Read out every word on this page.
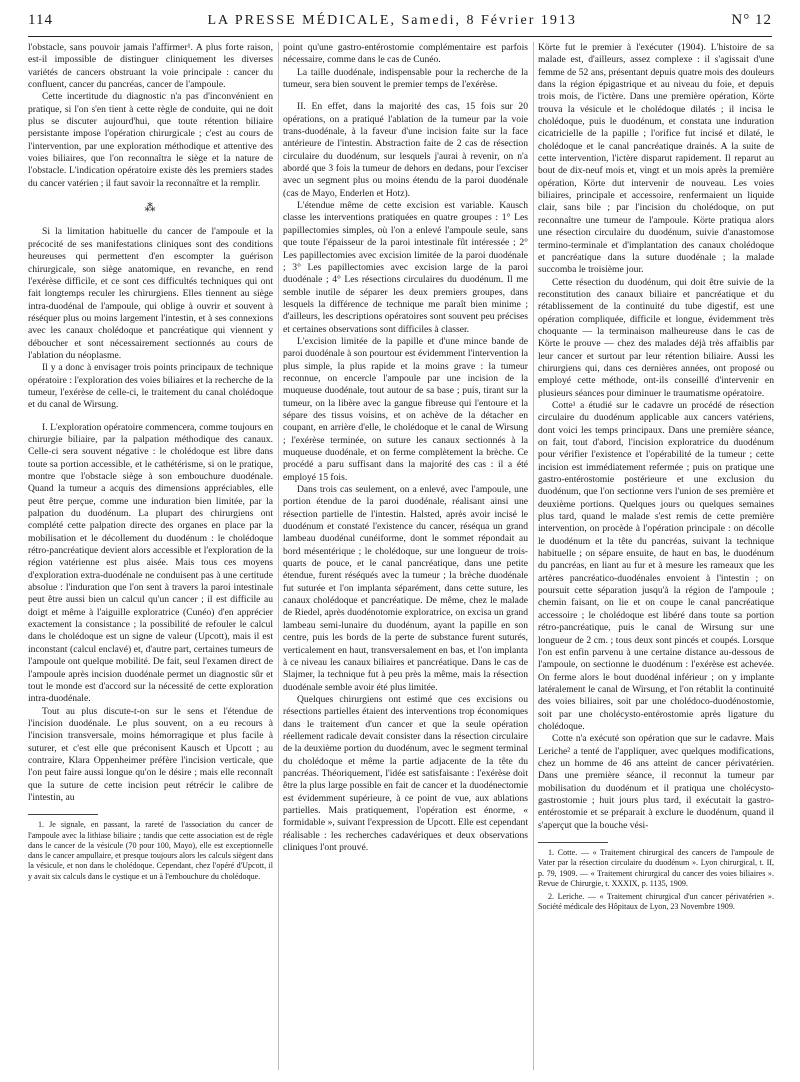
114	LA PRESSE MÉDICALE, Samedi, 8 Février 1913	N° 12

l'obstacle, sans pouvoir jamais l'affirmer¹. A plus forte raison, est-il impossible de distinguer cliniquement les diverses variétés de cancers obstruant la voie principale : cancer du confluent, cancer du pancréas, cancer de l'ampoule.

Cette incertitude du diagnostic n'a pas d'inconvénient en pratique, si l'on s'en tient à cette règle de conduite, qui ne doit plus se discuter aujourd'hui, que toute rétention biliaire persistante impose l'opération chirurgicale ; c'est au cours de l'intervention, par une exploration méthodique et attentive des voies biliaires, que l'on reconnaîtra le siège et la nature de l'obstacle. L'indication opératoire existe dès les premiers stades du cancer vatérien ; il faut savoir la reconnaître et la remplir.

⁂

Si la limitation habituelle du cancer de l'ampoule et la précocité de ses manifestations cliniques sont des conditions heureuses qui permettent d'en escompter la guérison chirurgicale, son siège anatomique, en revanche, en rend l'exérèse difficile, et ce sont ces difficultés techniques qui ont fait longtemps reculer les chirurgiens. Elles tiennent au siège intra-duodénal de l'ampoule, qui oblige à ouvrir et souvent à réséquer plus ou moins largement l'intestin, et à ses connexions avec les canaux cholédoque et pancréatique qui viennent y déboucher et sont nécessairement sectionnés au cours de l'ablation du néoplasme.

Il y a donc à envisager trois points principaux de technique opératoire : l'exploration des voies biliaires et la recherche de la tumeur, l'exérèse de celle-ci, le traitement du canal cholédoque et du canal de Wirsung.

I. L'exploration opératoire commencera, comme toujours en chirurgie biliaire, par la palpation méthodique des canaux. Celle-ci sera souvent négative : le cholédoque est libre dans toute sa portion accessible, et le cathétérisme, si on le pratique, montre que l'obstacle siège à son embouchure duodénale. Quand la tumeur a acquis des dimensions appréciables, elle peut être perçue, comme une induration bien limitée, par la palpation du duodénum. La plupart des chirurgiens ont complété cette palpation directe des organes en place par la mobilisation et le décollement du duodénum : le cholédoque rétro-pancréatique devient alors accessible et l'exploration de la région vatérienne est plus aisée. Mais tous ces moyens d'exploration extra-duodénale ne conduisent pas à une certitude absolue : l'induration que l'on sent à travers la paroi intestinale peut être aussi bien un calcul qu'un cancer ; il est difficile au doigt et même à l'aiguille exploratrice (Cunéo) d'en apprécier exactement la consistance ; la possibilité de refouler le calcul dans le cholédoque est un signe de valeur (Upcott), mais il est inconstant (calcul enclavé) et, d'autre part, certaines tumeurs de l'ampoule ont quelque mobilité. De fait, seul l'examen direct de l'ampoule après incision duodénale permet un diagnostic sûr et tout le monde est d'accord sur la nécessité de cette exploration intra-duodénale.

Tout au plus discute-t-on sur le sens et l'étendue de l'incision duodénale. Le plus souvent, on a eu recours à l'incision transversale, moins hémorragique et plus facile à suturer, et c'est elle que préconisent Kausch et Upcott ; au contraire, Klara Oppenheimer préfère l'incision verticale, que l'on peut faire aussi longue qu'on le désire ; mais elle reconnaît que la suture de cette incision peut rétrécir le calibre de l'intestin, au

1. Je signale, en passant, la rareté de l'association du cancer de l'ampoule avec la lithiase biliaire ; tandis que cette association est de règle dans le cancer de la vésicule (70 pour 100, Mayo), elle est exceptionnelle dans le cancer ampullaire, et presque toujours alors les calculs siègent dans la vésicule, et non dans le cholédoque. Cependant, chez l'opéré d'Upcott, il y avait six calculs dans le cystique et un à l'embouchure du cholédoque.

point qu'une gastro-entérostomie complémentaire est parfois nécessaire, comme dans le cas de Cunéo.

La taille duodénale, indispensable pour la recherche de la tumeur, sera bien souvent le premier temps de l'exérèse.

II. En effet, dans la majorité des cas, 15 fois sur 20 opérations, on a pratiqué l'ablation de la tumeur par la voie trans-duodénale, à la faveur d'une incision faite sur la face antérieure de l'intestin. Abstraction faite de 2 cas de résection circulaire du duodénum, sur lesquels j'aurai à revenir, on n'a abordé que 3 fois la tumeur de dehors en dedans, pour l'exciser avec un segment plus ou moins étendu de la paroi duodénale (cas de Mayo, Enderlen et Hotz).

L'étendue même de cette excision est variable. Kausch classe les interventions pratiquées en quatre groupes : 1° Les papillectomies simples, où l'on a enlevé l'ampoule seule, sans que toute l'épaisseur de la paroi intestinale fût intéressée ; 2° Les papillectomies avec excision limitée de la paroi duodénale ; 3° Les papillectomies avec excision large de la paroi duodénale ; 4° Les résections circulaires du duodénum. Il me semble inutile de séparer les deux premiers groupes, dans lesquels la différence de technique me paraît bien minime ; d'ailleurs, les descriptions opératoires sont souvent peu précises et certaines observations sont difficiles à classer.

L'excision limitée de la papille et d'une mince bande de paroi duodénale à son pourtour est évidemment l'intervention la plus simple, la plus rapide et la moins grave : la tumeur reconnue, on encercle l'ampoule par une incision de la muqueuse duodénale, tout autour de sa base ; puis, tirant sur la tumeur, on la libère avec la gangue fibreuse qui l'entoure et la sépare des tissus voisins, et on achève de la détacher en coupant, en arrière d'elle, le cholédoque et le canal de Wirsung ; l'exérèse terminée, on suture les canaux sectionnés à la muqueuse duodénale, et on ferme complètement la brèche. Ce procédé a paru suffisant dans la majorité des cas : il a été employé 15 fois.

Dans trois cas seulement, on a enlevé, avec l'ampoule, une portion étendue de la paroi duodénale, réalisant ainsi une résection partielle de l'intestin. Halsted, après avoir incisé le duodénum et constaté l'existence du cancer, réséqua un grand lambeau duodénal cunéiforme, dont le sommet répondait au bord mésentérique ; le cholédoque, sur une longueur de trois-quarts de pouce, et le canal pancréatique, dans une petite étendue, furent réséqués avec la tumeur ; la brèche duodénale fut suturée et l'on implanta séparément, dans cette suture, les canaux cholédoque et pancréatique. De même, chez le malade de Riedel, après duodénotomie exploratrice, on excisa un grand lambeau semi-lunaire du duodénum, ayant la papille en son centre, puis les bords de la perte de substance furent suturés, verticalement en haut, transversalement en bas, et l'on implanta à ce niveau les canaux biliaires et pancréatique. Dans le cas de Slajmer, la technique fut à peu près la même, mais la résection duodénale semble avoir été plus limitée.

Quelques chirurgiens ont estimé que ces excisions ou résections partielles étaient des interventions trop économiques dans le traitement d'un cancer et que la seule opération réellement radicale devait consister dans la résection circulaire de la deuxième portion du duodénum, avec le segment terminal du cholédoque et même la partie adjacente de la tête du pancréas. Théoriquement, l'idée est satisfaisante : l'exérèse doit être la plus large possible en fait de cancer et la duodénectomie est évidemment supérieure, à ce point de vue, aux ablations partielles. Mais pratiquement, l'opération est énorme, « formidable », suivant l'expression de Upcott. Elle est cependant réalisable : les recherches cadavériques et deux observations cliniques l'ont prouvé.

Körte fut le premier à l'exécuter (1904). L'histoire de sa malade est, d'ailleurs, assez complexe : il s'agissait d'une femme de 52 ans, présentant depuis quatre mois des douleurs dans la région épigastrique et au niveau du foie, et depuis trois mois, de l'ictère. Dans une première opération, Körte trouva la vésicule et le cholédoque dilatés ; il incisa le cholédoque, puis le duodénum, et constata une induration cicatricielle de la papille ; l'orifice fut incisé et dilaté, le cholédoque et le canal pancréatique drainés. A la suite de cette intervention, l'ictère disparut rapidement. Il reparut au bout de dix-neuf mois et, vingt et un mois après la première opération, Körte dut intervenir de nouveau. Les voies biliaires, principale et accessoire, renfermaient un liquide clair, sans bile ; par l'incision du cholédoque, on put reconnaître une tumeur de l'ampoule. Körte pratiqua alors une résection circulaire du duodénum, suivie d'anastomose termino-terminale et d'implantation des canaux cholédoque et pancréatique dans la suture duodénale ; la malade succomba le troisième jour.

Cette résection du duodénum, qui doit être suivie de la reconstitution des canaux biliaire et pancréatique et du rétablissement de la continuité du tube digestif, est une opération compliquée, difficile et longue, évidemment très choquante — la terminaison malheureuse dans le cas de Körte le prouve — chez des malades déjà très affaiblis par leur cancer et surtout par leur rétention biliaire. Aussi les chirurgiens qui, dans ces dernières années, ont proposé ou employé cette méthode, ont-ils conseillé d'intervenir en plusieurs séances pour diminuer le traumatisme opératoire.

Cotte¹ a étudié sur le cadavre un procédé de résection circulaire du duodénum applicable aux cancers vatériens, dont voici les temps principaux. Dans une première séance, on fait, tout d'abord, l'incision exploratrice du duodénum pour vérifier l'existence et l'opérabilité de la tumeur ; cette incision est immédiatement refermée ; puis on pratique une gastro-entérostomie postérieure et une exclusion du duodénum, que l'on sectionne vers l'union de ses première et deuxième portions. Quelques jours ou quelques semaines plus tard, quand le malade s'est remis de cette première intervention, on procède à l'opération principale : on décolle le duodénum et la tête du pancréas, suivant la technique habituelle ; on sépare ensuite, de haut en bas, le duodénum du pancréas, en liant au fur et à mesure les rameaux que les artères pancréatico-duodénales envoient à l'intestin ; on poursuit cette séparation jusqu'à la région de l'ampoule ; chemin faisant, on lie et on coupe le canal pancréatique accessoire ; le cholédoque est libéré dans toute sa portion rétro-pancréatique, puis le canal de Wirsung sur une longueur de 2 cm. ; tous deux sont pincés et coupés. Lorsque l'on est enfin parvenu à une certaine distance au-dessous de l'ampoule, on sectionne le duodénum : l'exérèse est achevée. On ferme alors le bout duodénal inférieur ; on y implante latéralement le canal de Wirsung, et l'on rétablit la continuité des voies biliaires, soit par une cholédoco-duodénostomie, soit par une cholécysto-entérostomie après ligature du cholédoque.

Cotte n'a exécuté son opération que sur le cadavre. Mais Leriche² a tenté de l'appliquer, avec quelques modifications, chez un homme de 46 ans atteint de cancer périvatérien. Dans une première séance, il reconnut la tumeur par mobilisation du duodénum et il pratiqua une cholécysto-gastrostomie ; huit jours plus tard, il exécutait la gastro-entérostomie et se préparait à exclure le duodénum, quand il s'aperçut que la bouche vési-

1. Cotte. — « Traitement chirurgical des cancers de l'ampoule de Vater par la résection circulaire du duodénum ». Lyon chirurgical, t. II, p. 79, 1909. — « Traitement chirurgical du cancer des voies biliaires ». Revue de Chirurgie, t. XXXIX, p. 1135, 1909.

2. Leriche. — « Traitement chirurgical d'un cancer périvatérien ». Société médicale des Hôpitaux de Lyon, 23 Novembre 1909.
